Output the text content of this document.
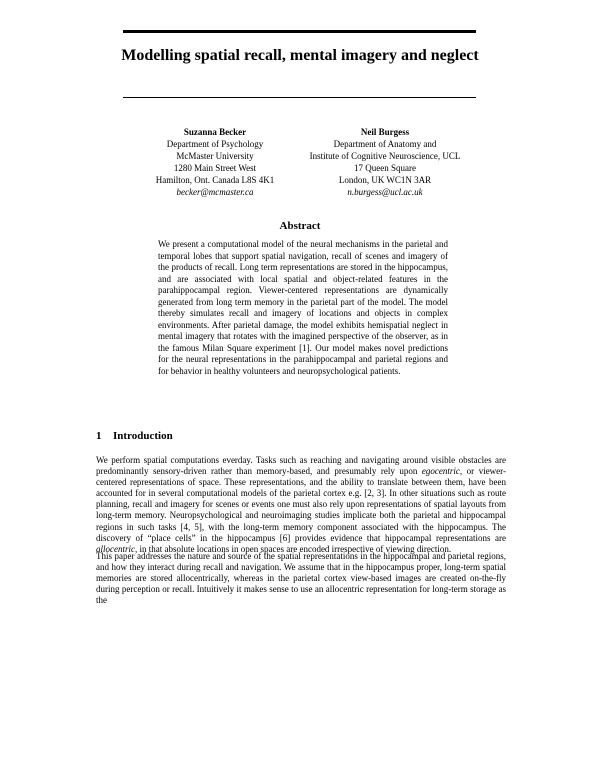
Modelling spatial recall, mental imagery and neglect
Suzanna Becker
Department of Psychology
McMaster University
1280 Main Street West
Hamilton, Ont. Canada L8S 4K1
becker@mcmaster.ca
Neil Burgess
Department of Anatomy and
Institute of Cognitive Neuroscience, UCL
17 Queen Square
London, UK WC1N 3AR
n.burgess@ucl.ac.uk
Abstract

We present a computational model of the neural mechanisms in the parietal and temporal lobes that support spatial navigation, recall of scenes and imagery of the products of recall. Long term representations are stored in the hippocampus, and are associated with local spatial and object-related features in the parahippocampal region. Viewer-centered representations are dynamically generated from long term memory in the parietal part of the model. The model thereby simulates recall and imagery of locations and objects in complex environments. After parietal damage, the model exhibits hemispatial neglect in mental imagery that rotates with the imagined perspective of the observer, as in the famous Milan Square experiment [1]. Our model makes novel predictions for the neural representations in the parahippocampal and parietal regions and for behavior in healthy volunteers and neuropsychological patients.

1 Introduction

We perform spatial computations everday. Tasks such as reaching and navigating around visible obstacles are predominantly sensory-driven rather than memory-based, and presumably rely upon egocentric, or viewer-centered representations of space. These representations, and the ability to translate between them, have been accounted for in several computational models of the parietal cortex e.g. [2, 3]. In other situations such as route planning, recall and imagery for scenes or events one must also rely upon representations of spatial layouts from long-term memory. Neuropsychological and neuroimaging studies implicate both the parietal and hippocampal regions in such tasks [4, 5], with the long-term memory component associated with the hippocampus. The discovery of “place cells” in the hippocampus [6] provides evidence that hippocampal representations are allocentric, in that absolute locations in open spaces are encoded irrespective of viewing direction.

This paper addresses the nature and source of the spatial representations in the hippocampal and parietal regions, and how they interact during recall and navigation. We assume that in the hippocampus proper, long-term spatial memories are stored allocentrically, whereas in the parietal cortex view-based images are created on-the-fly during perception or recall. Intuitively it makes sense to use an allocentric representation for long-term storage as the
